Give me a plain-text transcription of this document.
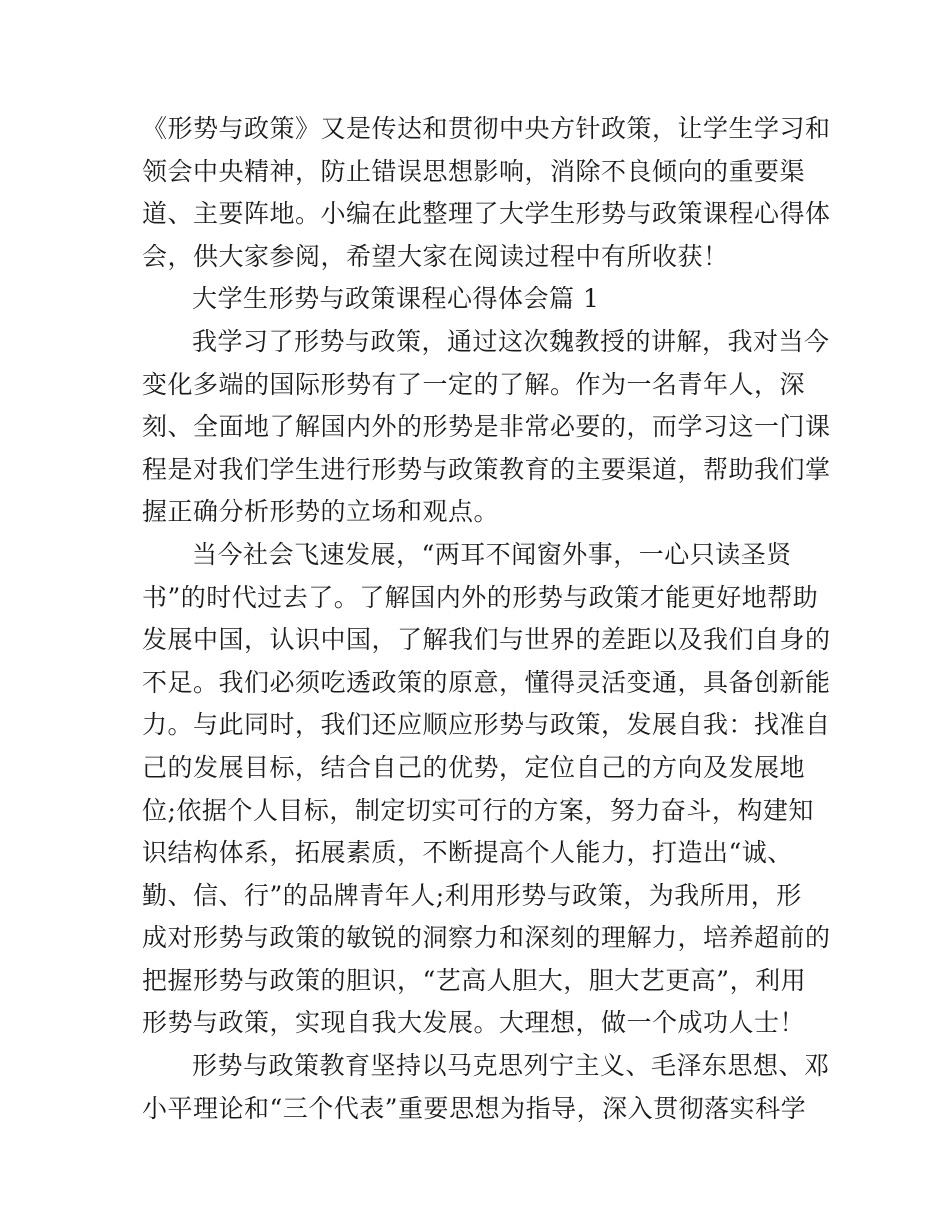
《形势与政策》又是传达和贯彻中央方针政策，让学生学习和
领会中央精神，防止错误思想影响，消除不良倾向的重要渠
道、主要阵地。小编在此整理了大学生形势与政策课程心得体
会，供大家参阅，希望大家在阅读过程中有所收获！

大学生形势与政策课程心得体会篇 1

我学习了形势与政策，通过这次魏教授的讲解，我对当今
变化多端的国际形势有了一定的了解。作为一名青年人，深
刻、全面地了解国内外的形势是非常必要的，而学习这一门课
程是对我们学生进行形势与政策教育的主要渠道，帮助我们掌
握正确分析形势的立场和观点。

当今社会飞速发展，“两耳不闻窗外事，一心只读圣贤
书”的时代过去了。了解国内外的形势与政策才能更好地帮助
发展中国，认识中国，了解我们与世界的差距以及我们自身的
不足。我们必须吃透政策的原意，懂得灵活变通，具备创新能
力。与此同时，我们还应顺应形势与政策，发展自我：找准自
己的发展目标，结合自己的优势，定位自己的方向及发展地
位;依据个人目标，制定切实可行的方案，努力奋斗，构建知
识结构体系，拓展素质，不断提高个人能力，打造出“诚、
勤、信、行”的品牌青年人;利用形势与政策，为我所用，形
成对形势与政策的敏锐的洞察力和深刻的理解力，培养超前的
把握形势与政策的胆识，“艺高人胆大，胆大艺更高”，利用
形势与政策，实现自我大发展。大理想，做一个成功人士！

形势与政策教育坚持以马克思列宁主义、毛泽东思想、邓
小平理论和“三个代表”重要思想为指导，深入贯彻落实科学
